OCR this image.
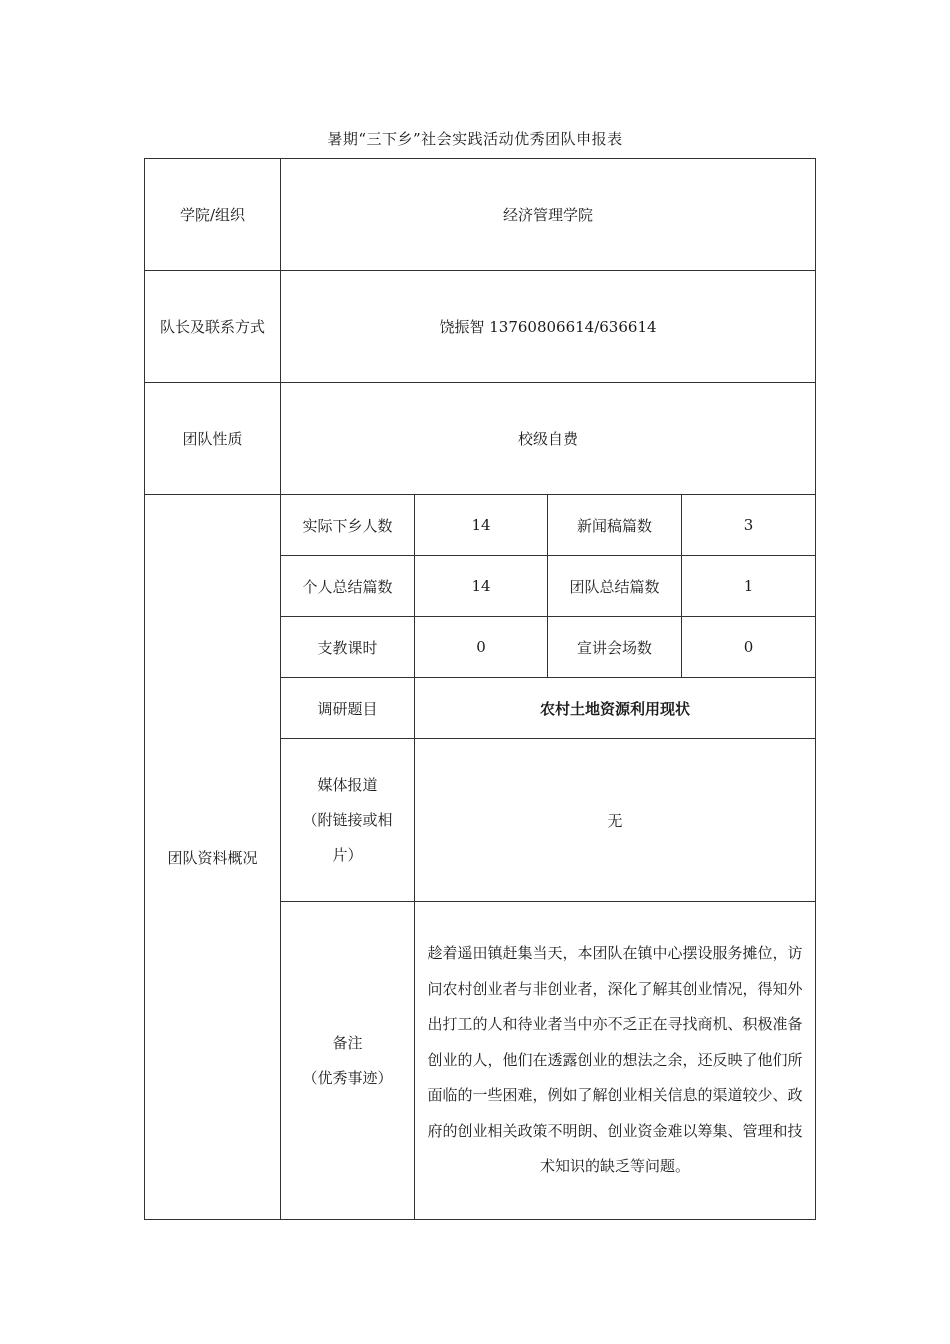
暑期“三下乡”社会实践活动优秀团队申报表
学院/组织	经济管理学院			
队长及联系方式	饶振智 13760806614/636614			
团队性质	校级自费			
团队资料概况	实际下乡人数	14	新闻稿篇数	3
	个人总结篇数	14	团队总结篇数	1
	支教课时	0	宣讲会场数	0
	调研题目	农村土地资源利用现状		

	媒体报道
（附链接或相
片）	无		

	备注
（优秀事迹）	趁着遥田镇赶集当天，本团队在镇中心摆设服务摊位，访问农村创业者与非创业者，深化了解其创业情况，得知外出打工的人和待业者当中亦不乏正在寻找商机、积极准备创业的人，他们在透露创业的想法之余，还反映了他们所面临的一些困难，例如了解创业相关信息的渠道较少、政府的创业相关政策不明朗、创业资金难以筹集、管理和技术知识的缺乏等问题。		
